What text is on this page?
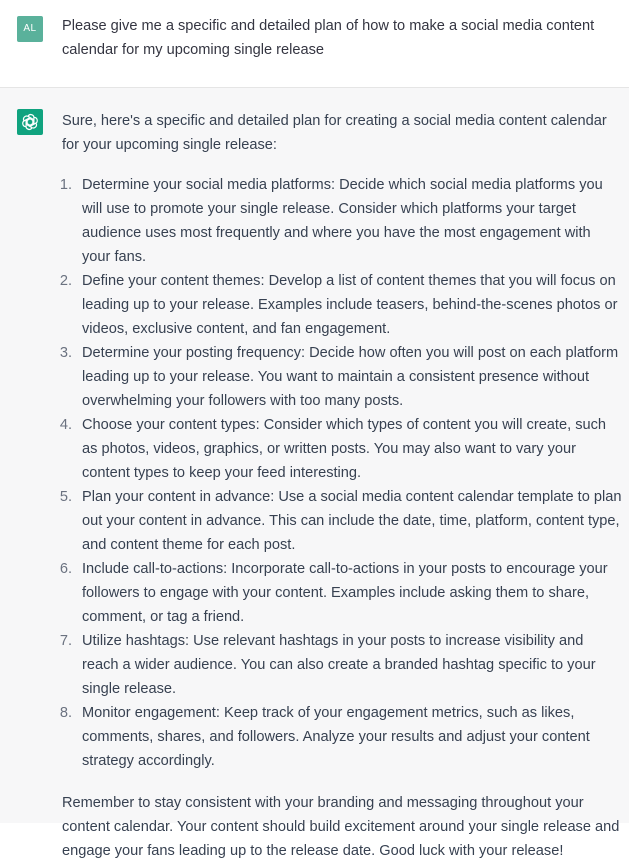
AL	Please give me a specific and detailed plan of how to make a social media content calendar for my upcoming single release

Sure, here's a specific and detailed plan for creating a social media content calendar for your upcoming single release:

1. Determine your social media platforms: Decide which social media platforms you will use to promote your single release. Consider which platforms your target audience uses most frequently and where you have the most engagement with your fans.
2. Define your content themes: Develop a list of content themes that you will focus on leading up to your release. Examples include teasers, behind-the-scenes photos or videos, exclusive content, and fan engagement.
3. Determine your posting frequency: Decide how often you will post on each platform leading up to your release. You want to maintain a consistent presence without overwhelming your followers with too many posts.
4. Choose your content types: Consider which types of content you will create, such as photos, videos, graphics, or written posts. You may also want to vary your content types to keep your feed interesting.
5. Plan your content in advance: Use a social media content calendar template to plan out your content in advance. This can include the date, time, platform, content type, and content theme for each post.
6. Include call-to-actions: Incorporate call-to-actions in your posts to encourage your followers to engage with your content. Examples include asking them to share, comment, or tag a friend.
7. Utilize hashtags: Use relevant hashtags in your posts to increase visibility and reach a wider audience. You can also create a branded hashtag specific to your single release.
8. Monitor engagement: Keep track of your engagement metrics, such as likes, comments, shares, and followers. Analyze your results and adjust your content strategy accordingly.

Remember to stay consistent with your branding and messaging throughout your content calendar. Your content should build excitement around your single release and engage your fans leading up to the release date. Good luck with your release!
